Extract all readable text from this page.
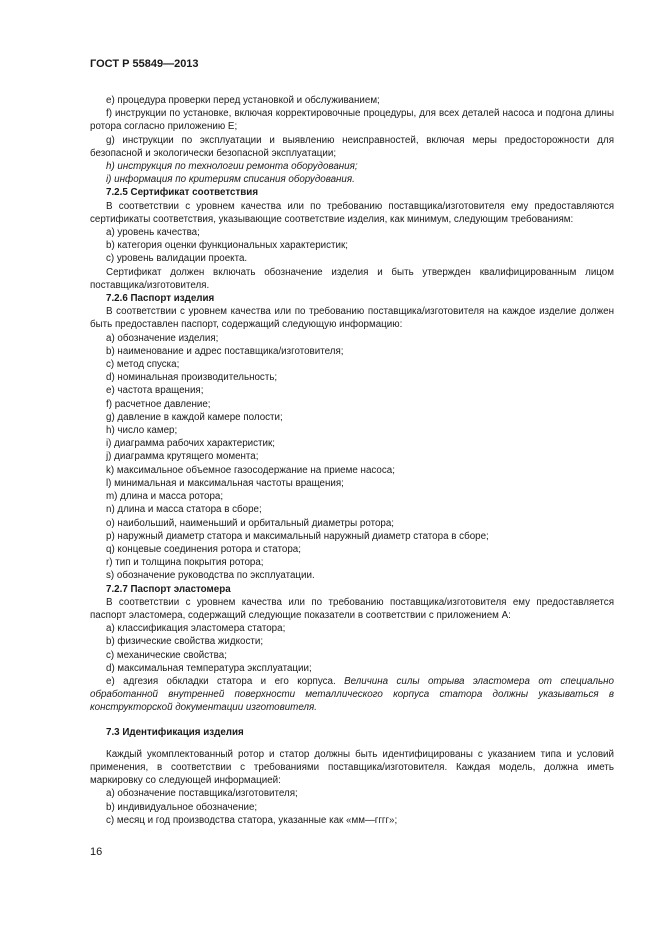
ГОСТ Р 55849—2013

e) процедура проверки перед установкой и обслуживанием;

f) инструкции по установке, включая корректировочные процедуры, для всех деталей насоса и подгона длины ротора согласно приложению Е;

g) инструкции по эксплуатации и выявлению неисправностей, включая меры предосторожности для безопасной и экологически безопасной эксплуатации;

h) инструкция по технологии ремонта оборудования;

i) информация по критериям списания оборудования.

7.2.5 Сертификат соответствия

В соответствии с уровнем качества или по требованию поставщика/изготовителя ему предоставляются сертификаты соответствия, указывающие соответствие изделия, как минимум, следующим требованиям:

а) уровень качества;

b) категория оценки функциональных характеристик;

c) уровень валидации проекта.

Сертификат должен включать обозначение изделия и быть утвержден квалифицированным лицом поставщика/изготовителя.

7.2.6 Паспорт изделия

В соответствии с уровнем качества или по требованию поставщика/изготовителя на каждое изделие должен быть предоставлен паспорт, содержащий следующую информацию:

а) обозначение изделия;

b) наименование и адрес поставщика/изготовителя;

c) метод спуска;

d) номинальная производительность;

e) частота вращения;

f) расчетное давление;

g) давление в каждой камере полости;

h) число камер;

i) диаграмма рабочих характеристик;

j) диаграмма крутящего момента;

k) максимальное объемное газосодержание на приеме насоса;

l) минимальная и максимальная частоты вращения;

m) длина и масса ротора;

n) длина и масса статора в сборе;

о) наибольший, наименьший и орбитальный диаметры ротора;

p) наружный диаметр статора и максимальный наружный диаметр статора в сборе;

q) концевые соединения ротора и статора;

r) тип и толщина покрытия ротора;

s) обозначение руководства по эксплуатации.

7.2.7 Паспорт эластомера

В соответствии с уровнем качества или по требованию поставщика/изготовителя ему предоставляется паспорт эластомера, содержащий следующие показатели в соответствии с приложением А:

а) классификация эластомера статора;

b) физические свойства жидкости;

c) механические свойства;

d) максимальная температура эксплуатации;

e) адгезия обкладки статора и его корпуса. Величина силы отрыва эластомера от специально обработанной внутренней поверхности металлического корпуса статора должны указываться в конструкторской документации изготовителя.

7.3 Идентификация изделия

Каждый укомплектованный ротор и статор должны быть идентифицированы с указанием типа и условий применения, в соответствии с требованиями поставщика/изготовителя. Каждая модель, должна иметь маркировку со следующей информацией:

а) обозначение поставщика/изготовителя;

b) индивидуальное обозначение;

c) месяц и год производства статора, указанные как «мм—гггг»;

16
